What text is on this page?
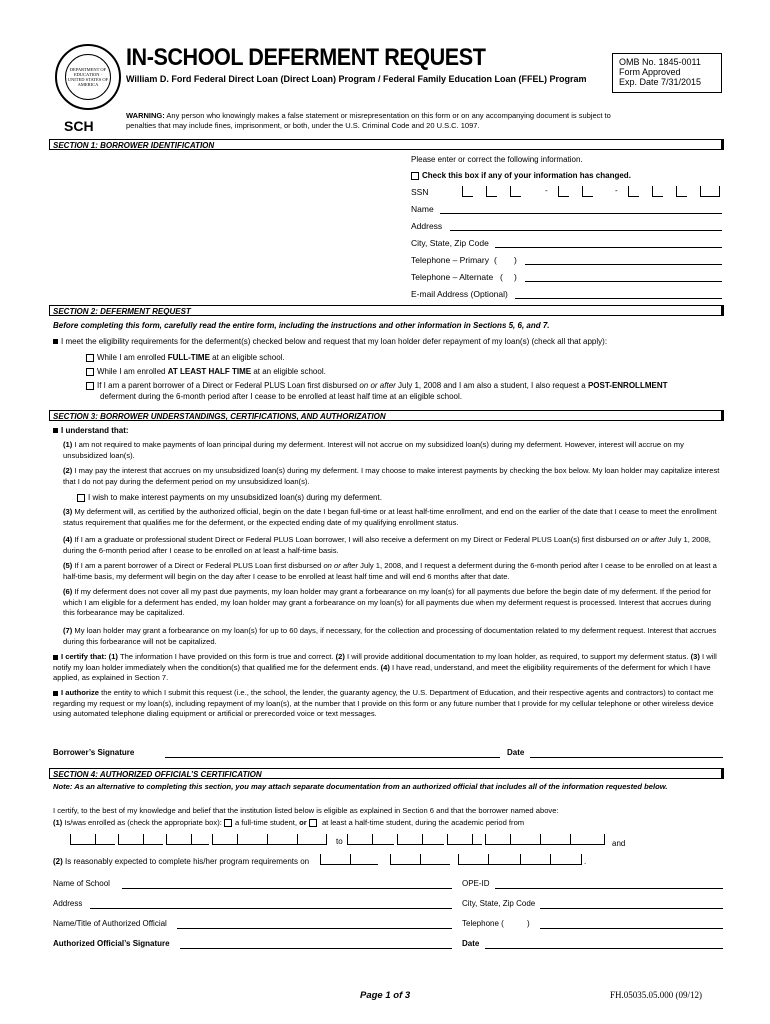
DEPARTMENT OF EDUCATION · UNITED STATES OF AMERICA
IN-SCHOOL DEFERMENT REQUEST
William D. Ford Federal Direct Loan (Direct Loan) Program / Federal Family Education Loan (FFEL) Program
OMB No. 1845-0011
Form Approved
Exp. Date 7/31/2015
WARNING: Any person who knowingly makes a false statement or misrepresentation on this form or on any accompanying document is subject to penalties that may include fines, imprisonment, or both, under the U.S. Criminal Code and 20 U.S.C. 1097.
SCH
SECTION 1: BORROWER IDENTIFICATION
Please enter or correct the following information.
Check this box if any of your information has changed.
SSN	-	-
Name
Address
City, State, Zip Code
Telephone – Primary ( )
Telephone – Alternate ( )
E-mail Address (Optional)
SECTION 2: DEFERMENT REQUEST
Before completing this form, carefully read the entire form, including the instructions and other information in Sections 5, 6, and 7.
I meet the eligibility requirements for the deferment(s) checked below and request that my loan holder defer repayment of my loan(s) (check all that apply):
While I am enrolled FULL-TIME at an eligible school.
While I am enrolled AT LEAST HALF TIME at an eligible school.
If I am a parent borrower of a Direct or Federal PLUS Loan first disbursed on or after July 1, 2008 and I am also a student, I also request a POST-ENROLLMENT
deferment during the 6-month period after I cease to be enrolled at least half time at an eligible school.
SECTION 3: BORROWER UNDERSTANDINGS, CERTIFICATIONS, AND AUTHORIZATION
I understand that:
(1) I am not required to make payments of loan principal during my deferment. Interest will not accrue on my subsidized loan(s) during my deferment. However, interest will accrue on my unsubsidized loan(s).
(2) I may pay the interest that accrues on my unsubsidized loan(s) during my deferment. I may choose to make interest payments by checking the box below. My loan holder may capitalize interest that I do not pay during the deferment period on my unsubsidized loan(s).
I wish to make interest payments on my unsubsidized loan(s) during my deferment.
(3) My deferment will, as certified by the authorized official, begin on the date I began full-time or at least half-time enrollment, and end on the earlier of the date that I cease to meet the enrollment status requirement that qualifies me for the deferment, or the expected ending date of my qualifying enrollment status.
(4) If I am a graduate or professional student Direct or Federal PLUS Loan borrower, I will also receive a deferment on my Direct or Federal PLUS Loan(s) first disbursed on or after July 1, 2008, during the 6-month period after I cease to be enrolled on at least a half-time basis.
(5) If I am a parent borrower of a Direct or Federal PLUS Loan first disbursed on or after July 1, 2008, and I request a deferment during the 6-month period after I cease to be enrolled on at least a half-time basis, my deferment will begin on the day after I cease to be enrolled at least half time and will end 6 months after that date.
(6) If my deferment does not cover all my past due payments, my loan holder may grant a forbearance on my loan(s) for all payments due before the begin date of my deferment. If the period for which I am eligible for a deferment has ended, my loan holder may grant a forbearance on my loan(s) for all payments due when my deferment request is processed. Interest that accrues during this forbearance may be capitalized.
(7) My loan holder may grant a forbearance on my loan(s) for up to 60 days, if necessary, for the collection and processing of documentation related to my deferment request. Interest that accrues during this forbearance will not be capitalized.
I certify that: (1) The information I have provided on this form is true and correct. (2) I will provide additional documentation to my loan holder, as required, to support my deferment status. (3) I will notify my loan holder immediately when the condition(s) that qualified me for the deferment ends. (4) I have read, understand, and meet the eligibility requirements of the deferment for which I have applied, as explained in Section 7.
I authorize the entity to which I submit this request (i.e., the school, the lender, the guaranty agency, the U.S. Department of Education, and their respective agents and contractors) to contact me regarding my request or my loan(s), including repayment of my loan(s), at the number that I provide on this form or any future number that I provide for my cellular telephone or other wireless device using automated telephone dialing equipment or artificial or prerecorded voice or text messages.
Borrower’s Signature	Date
SECTION 4: AUTHORIZED OFFICIAL’S CERTIFICATION
Note: As an alternative to completing this section, you may attach separate documentation from an authorized official that includes all of the information requested below.
I certify, to the best of my knowledge and belief that the institution listed below is eligible as explained in Section 6 and that the borrower named above:
(1) Is/was enrolled as (check the appropriate box): a full-time student, or  at least a half-time student, during the academic period from
to	and
(2) Is reasonably expected to complete his/her program requirements on	.
Name of School	OPE-ID
Address	City, State, Zip Code
Name/Title of Authorized Official	Telephone (	)
Authorized Official’s Signature	Date
Page 1 of 3	FH.05035.05.000 (09/12)
